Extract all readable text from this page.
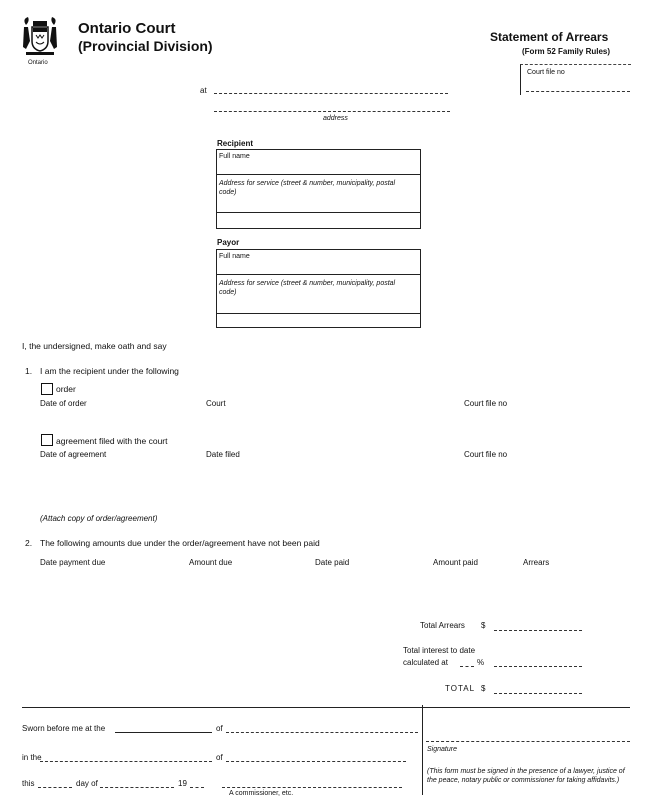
Ontario
Ontario Court
(Provincial Division)
Statement of Arrears
(Form 52 Family Rules)
Court file no
at
address
Recipient
Full name
Address for service (street & number, municipality, postal code)
Payor
Full name
Address for service (street & number, municipality, postal code)
I, the undersigned, make oath and say
1. I am the recipient under the following
order
Date of order	Court	Court file no
agreement filed with the court
Date of agreement	Date filed	Court file no
(Attach copy of order/agreement)
2. The following amounts due under the order/agreement have not been paid
Date payment due	Amount due	Date paid	Amount paid	Arrears
Total Arrears $
Total interest to date
calculated at	%
TOTAL $
Sworn before me at the	of
in the	of
this	day of	19
A commissioner, etc.
Signature
(This form must be signed in the presence of a lawyer, justice of the peace, notary public or commissioner for taking affidavits.)
